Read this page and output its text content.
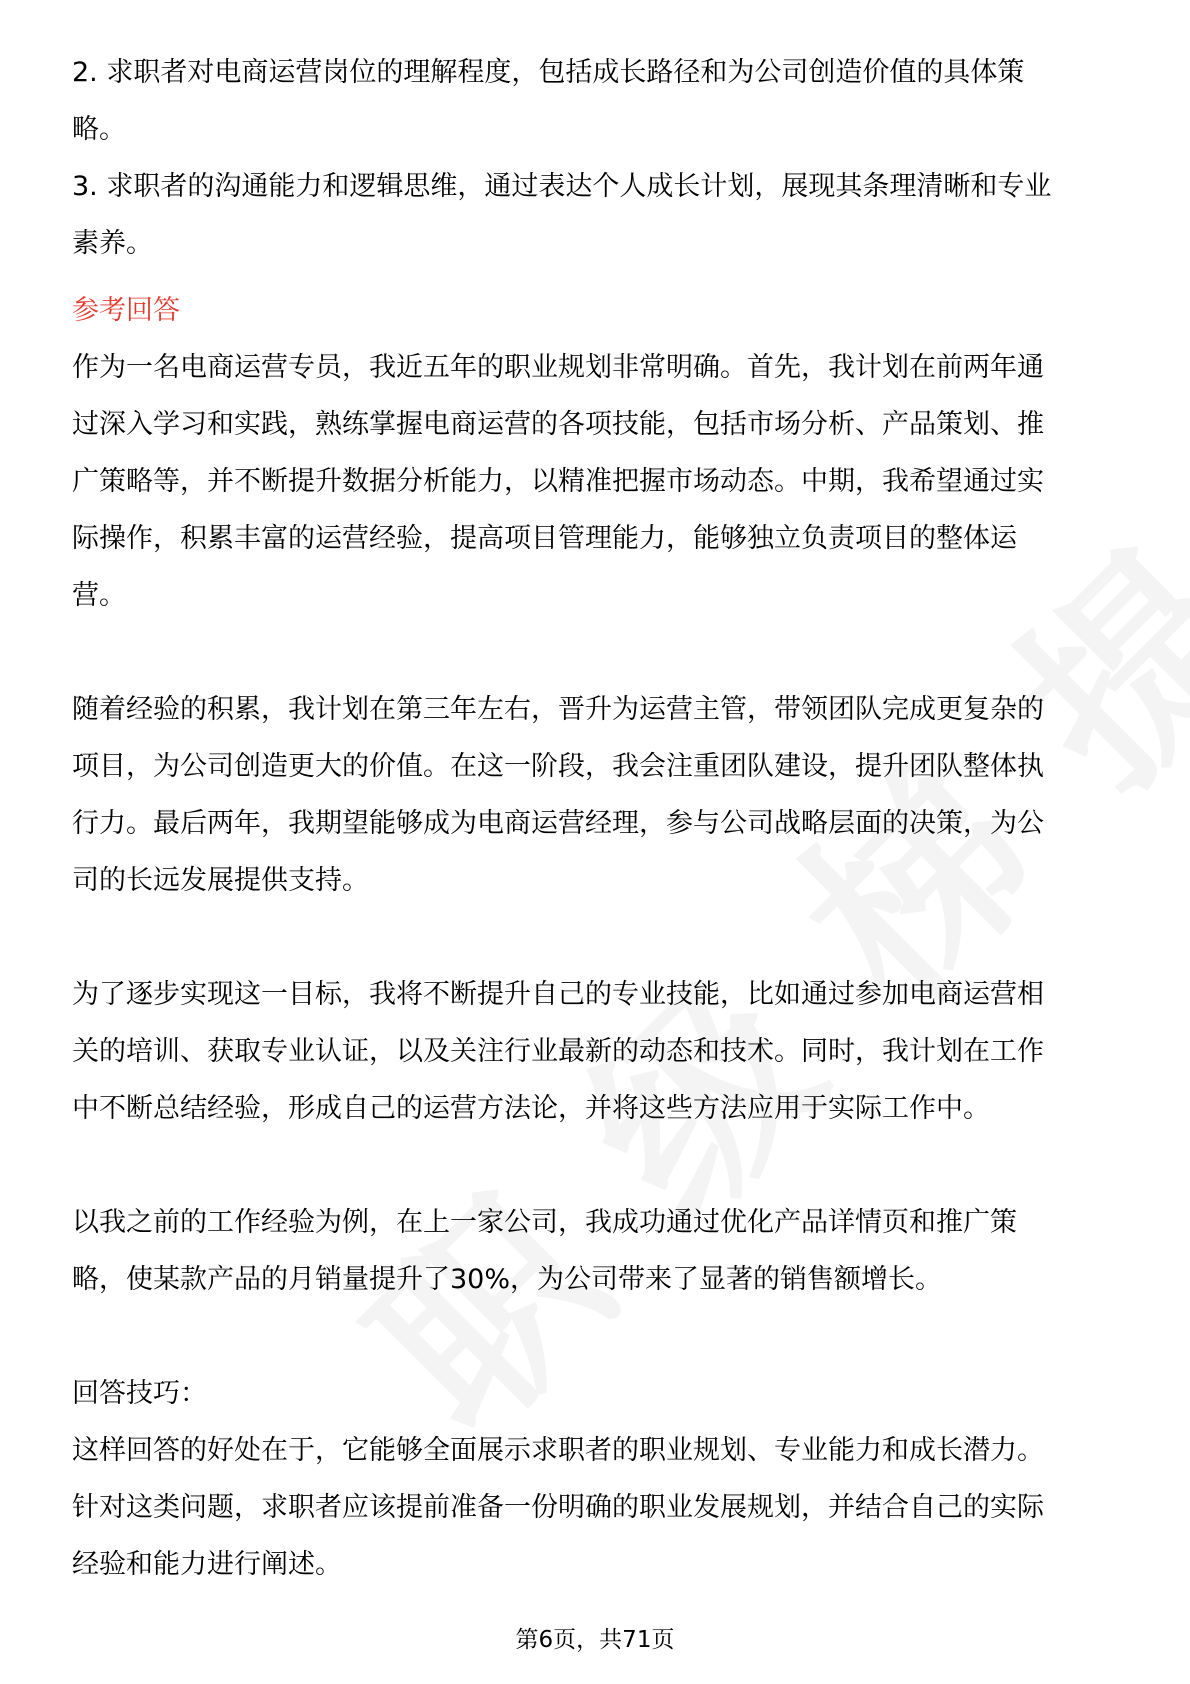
2. 求职者对电商运营岗位的理解程度，包括成长路径和为公司创造价值的具体策

略。

3. 求职者的沟通能力和逻辑思维，通过表达个人成长计划，展现其条理清晰和专业

素养。

参考回答

作为一名电商运营专员，我近五年的职业规划非常明确。首先，我计划在前两年通

过深入学习和实践，熟练掌握电商运营的各项技能，包括市场分析、产品策划、推

广策略等，并不断提升数据分析能力，以精准把握市场动态。中期，我希望通过实

际操作，积累丰富的运营经验，提高项目管理能力，能够独立负责项目的整体运

营。

随着经验的积累，我计划在第三年左右，晋升为运营主管，带领团队完成更复杂的

项目，为公司创造更大的价值。在这一阶段，我会注重团队建设，提升团队整体执

行力。最后两年，我期望能够成为电商运营经理，参与公司战略层面的决策，为公

司的长远发展提供支持。

为了逐步实现这一目标，我将不断提升自己的专业技能，比如通过参加电商运营相

关的培训、获取专业认证，以及关注行业最新的动态和技术。同时，我计划在工作

中不断总结经验，形成自己的运营方法论，并将这些方法应用于实际工作中。

以我之前的工作经验为例，在上一家公司，我成功通过优化产品详情页和推广策

略，使某款产品的月销量提升了30%，为公司带来了显著的销售额增长。

回答技巧：

这样回答的好处在于，它能够全面展示求职者的职业规划、专业能力和成长潜力。

针对这类问题，求职者应该提前准备一份明确的职业发展规划，并结合自己的实际

经验和能力进行阐述。

第6页，共71页
